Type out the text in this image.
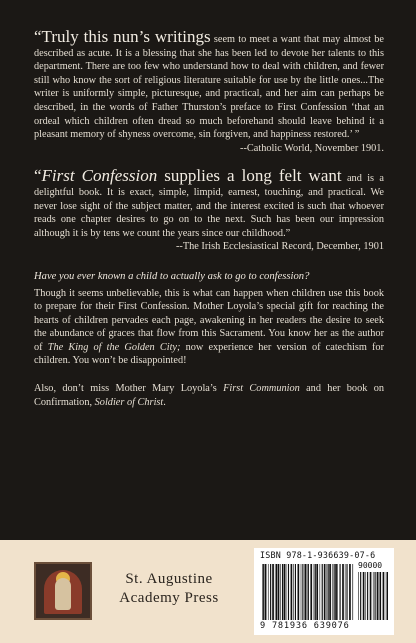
“Truly this nun’s writings seem to meet a want that may almost be described as acute. It is a blessing that she has been led to devote her talents to this department. There are too few who understand how to deal with children, and fewer still who know the sort of religious literature suitable for use by the little ones...The writer is uniformly simple, picturesque, and practical, and her aim can perhaps be described, in the words of Father Thurston’s preface to First Confession ‘that an ordeal which children often dread so much beforehand should leave behind it a pleasant memory of shyness overcome, sin forgiven, and happiness restored.’ ”
--Catholic World, November 1901.
“First Confession supplies a long felt want and is a delightful book. It is exact, simple, limpid, earnest, touching, and practical. We never lose sight of the subject matter, and the interest excited is such that whoever reads one chapter desires to go on to the next. Such has been our impression although it is by tens we count the years since our childhood.”
--The Irish Ecclesiastical Record, December, 1901
Have you ever known a child to actually ask to go to confession?
Though it seems unbelievable, this is what can happen when children use this book to prepare for their First Confession. Mother Loyola’s special gift for reaching the hearts of children pervades each page, awakening in her readers the desire to seek the abundance of graces that flow from this Sacrament. You know her as the author of The King of the Golden City; now experience her version of catechism for children. You won’t be disappointed!
Also, don’t miss Mother Mary Loyola’s First Communion and her book on Confirmation, Soldier of Christ.
St. Augustine
Academy Press
ISBN 978-1-936639-07-6
90000
9 781936 639076
